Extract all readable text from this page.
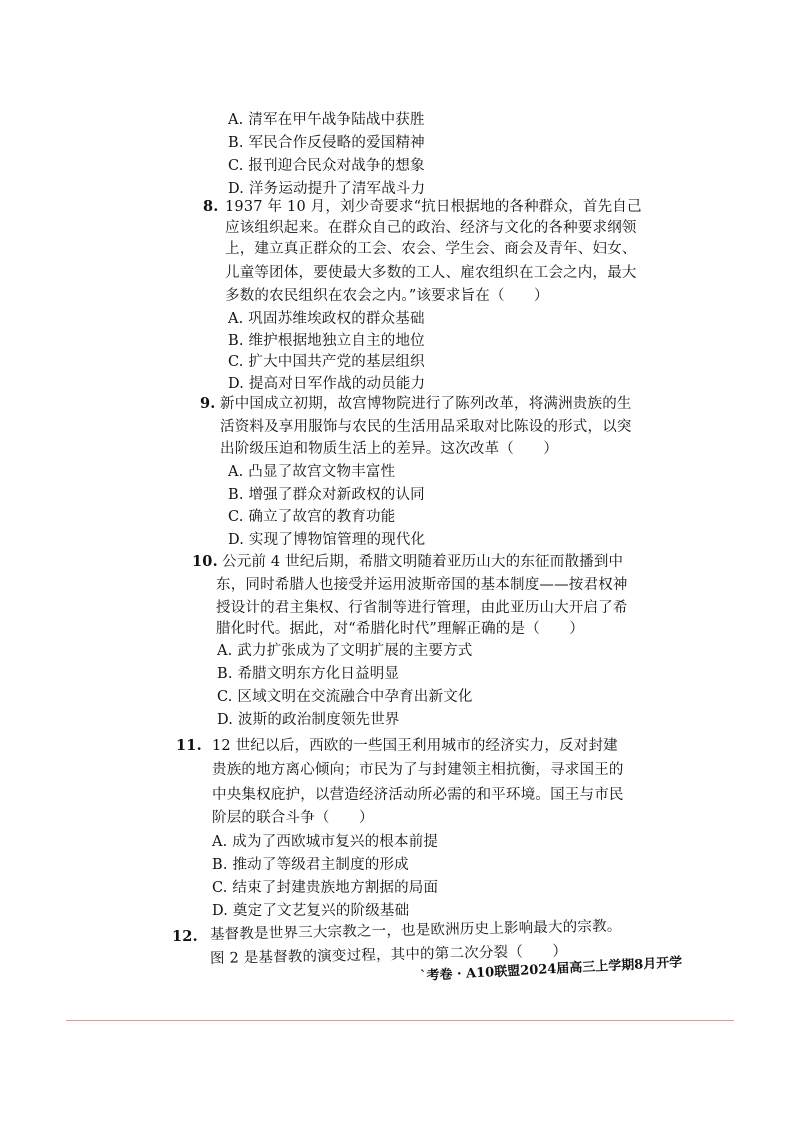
A. 清军在甲午战争陆战中获胜
B. 军民合作反侵略的爱国精神
C. 报刊迎合民众对战争的想象
D. 洋务运动提升了清军战斗力
8. 1937 年 10 月，刘少奇要求“抗日根据地的各种群众，首先自己
应该组织起来。在群众自己的政治、经济与文化的各种要求纲领
上，建立真正群众的工会、农会、学生会、商会及青年、妇女、
儿童等团体，要使最大多数的工人、雇农组织在工会之内，最大
多数的农民组织在农会之内。”该要求旨在（　　）
A. 巩固苏维埃政权的群众基础
B. 维护根据地独立自主的地位
C. 扩大中国共产党的基层组织
D. 提高对日军作战的动员能力
9. 新中国成立初期，故宫博物院进行了陈列改革，将满洲贵族的生
活资料及享用服饰与农民的生活用品采取对比陈设的形式，以突
出阶级压迫和物质生活上的差异。这次改革（　　）
A. 凸显了故宫文物丰富性
B. 增强了群众对新政权的认同
C. 确立了故宫的教育功能
D. 实现了博物馆管理的现代化
10. 公元前 4 世纪后期，希腊文明随着亚历山大的东征而散播到中
东，同时希腊人也接受并运用波斯帝国的基本制度——按君权神
授设计的君主集权、行省制等进行管理，由此亚历山大开启了希
腊化时代。据此，对“希腊化时代”理解正确的是（　　）
A. 武力扩张成为了文明扩展的主要方式
B. 希腊文明东方化日益明显
C. 区域文明在交流融合中孕育出新文化
D. 波斯的政治制度领先世界
11. 12 世纪以后，西欧的一些国王利用城市的经济实力，反对封建
贵族的地方离心倾向；市民为了与封建领主相抗衡，寻求国王的
中央集权庇护，以营造经济活动所必需的和平环境。国王与市民
阶层的联合斗争（　　）
A. 成为了西欧城市复兴的根本前提
B. 推动了等级君主制度的形成
C. 结束了封建贵族地方割据的局面
D. 奠定了文艺复兴的阶级基础
12. 基督教是世界三大宗教之一，也是欧洲历史上影响最大的宗教。
图 2 是基督教的演变过程，其中的第二次分裂（　　）
`考卷 · A10联盟2024届高三上学期8月开学
